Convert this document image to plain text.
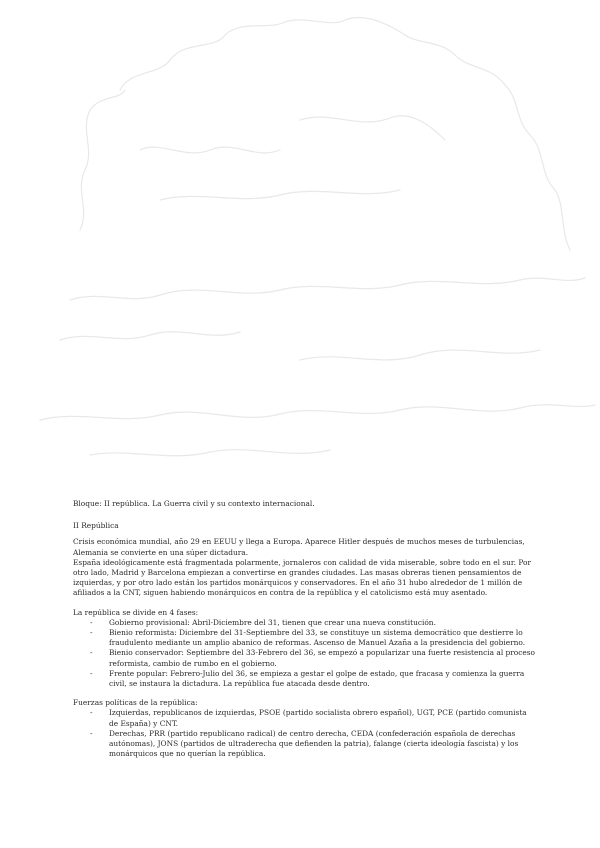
Bloque: II república. La Guerra civil y su contexto internacional.

II República

Crisis económica mundial, año 29 en EEUU y llega a Europa. Aparece Hitler después de muchos meses de turbulencias, Alemania se convierte en una súper dictadura.

España ideológicamente está fragmentada polarmente, jornaleros con calidad de vida miserable, sobre todo en el sur. Por otro lado, Madrid y Barcelona empiezan a convertirse en grandes ciudades. Las masas obreras tienen pensamientos de izquierdas, y por otro lado están los partidos monárquicos y conservadores. En el año 31 hubo alrededor de 1 millón de afiliados a la CNT, siguen habiendo monárquicos en contra de la república y el catolicismo está muy asentado.

La república se divide en 4 fases:

- Gobierno provisional: Abril-Diciembre del 31, tienen que crear una nueva constitución.
- Bienio reformista: Diciembre del 31-Septiembre del 33, se constituye un sistema democrático que destierre lo fraudulento mediante un amplio abanico de reformas. Ascenso de Manuel Azaña a la presidencia del gobierno.
- Bienio conservador: Septiembre del 33-Febrero del 36, se empezó a popularizar una fuerte resistencia al proceso reformista, cambio de rumbo en el gobierno.
- Frente popular: Febrero-Julio del 36, se empieza a gestar el golpe de estado, que fracasa y comienza la guerra civil, se instaura la dictadura. La república fue atacada desde dentro.

Fuerzas políticas de la república:

- Izquierdas, republicanos de izquierdas, PSOE (partido socialista obrero español), UGT, PCE (partido comunista de España) y CNT.
- Derechas, PRR (partido republicano radical) de centro derecha, CEDA (confederación española de derechas autónomas), JONS (partidos de ultraderecha que defienden la patria), falange (cierta ideología fascista) y los monárquicos que no querían la república.
